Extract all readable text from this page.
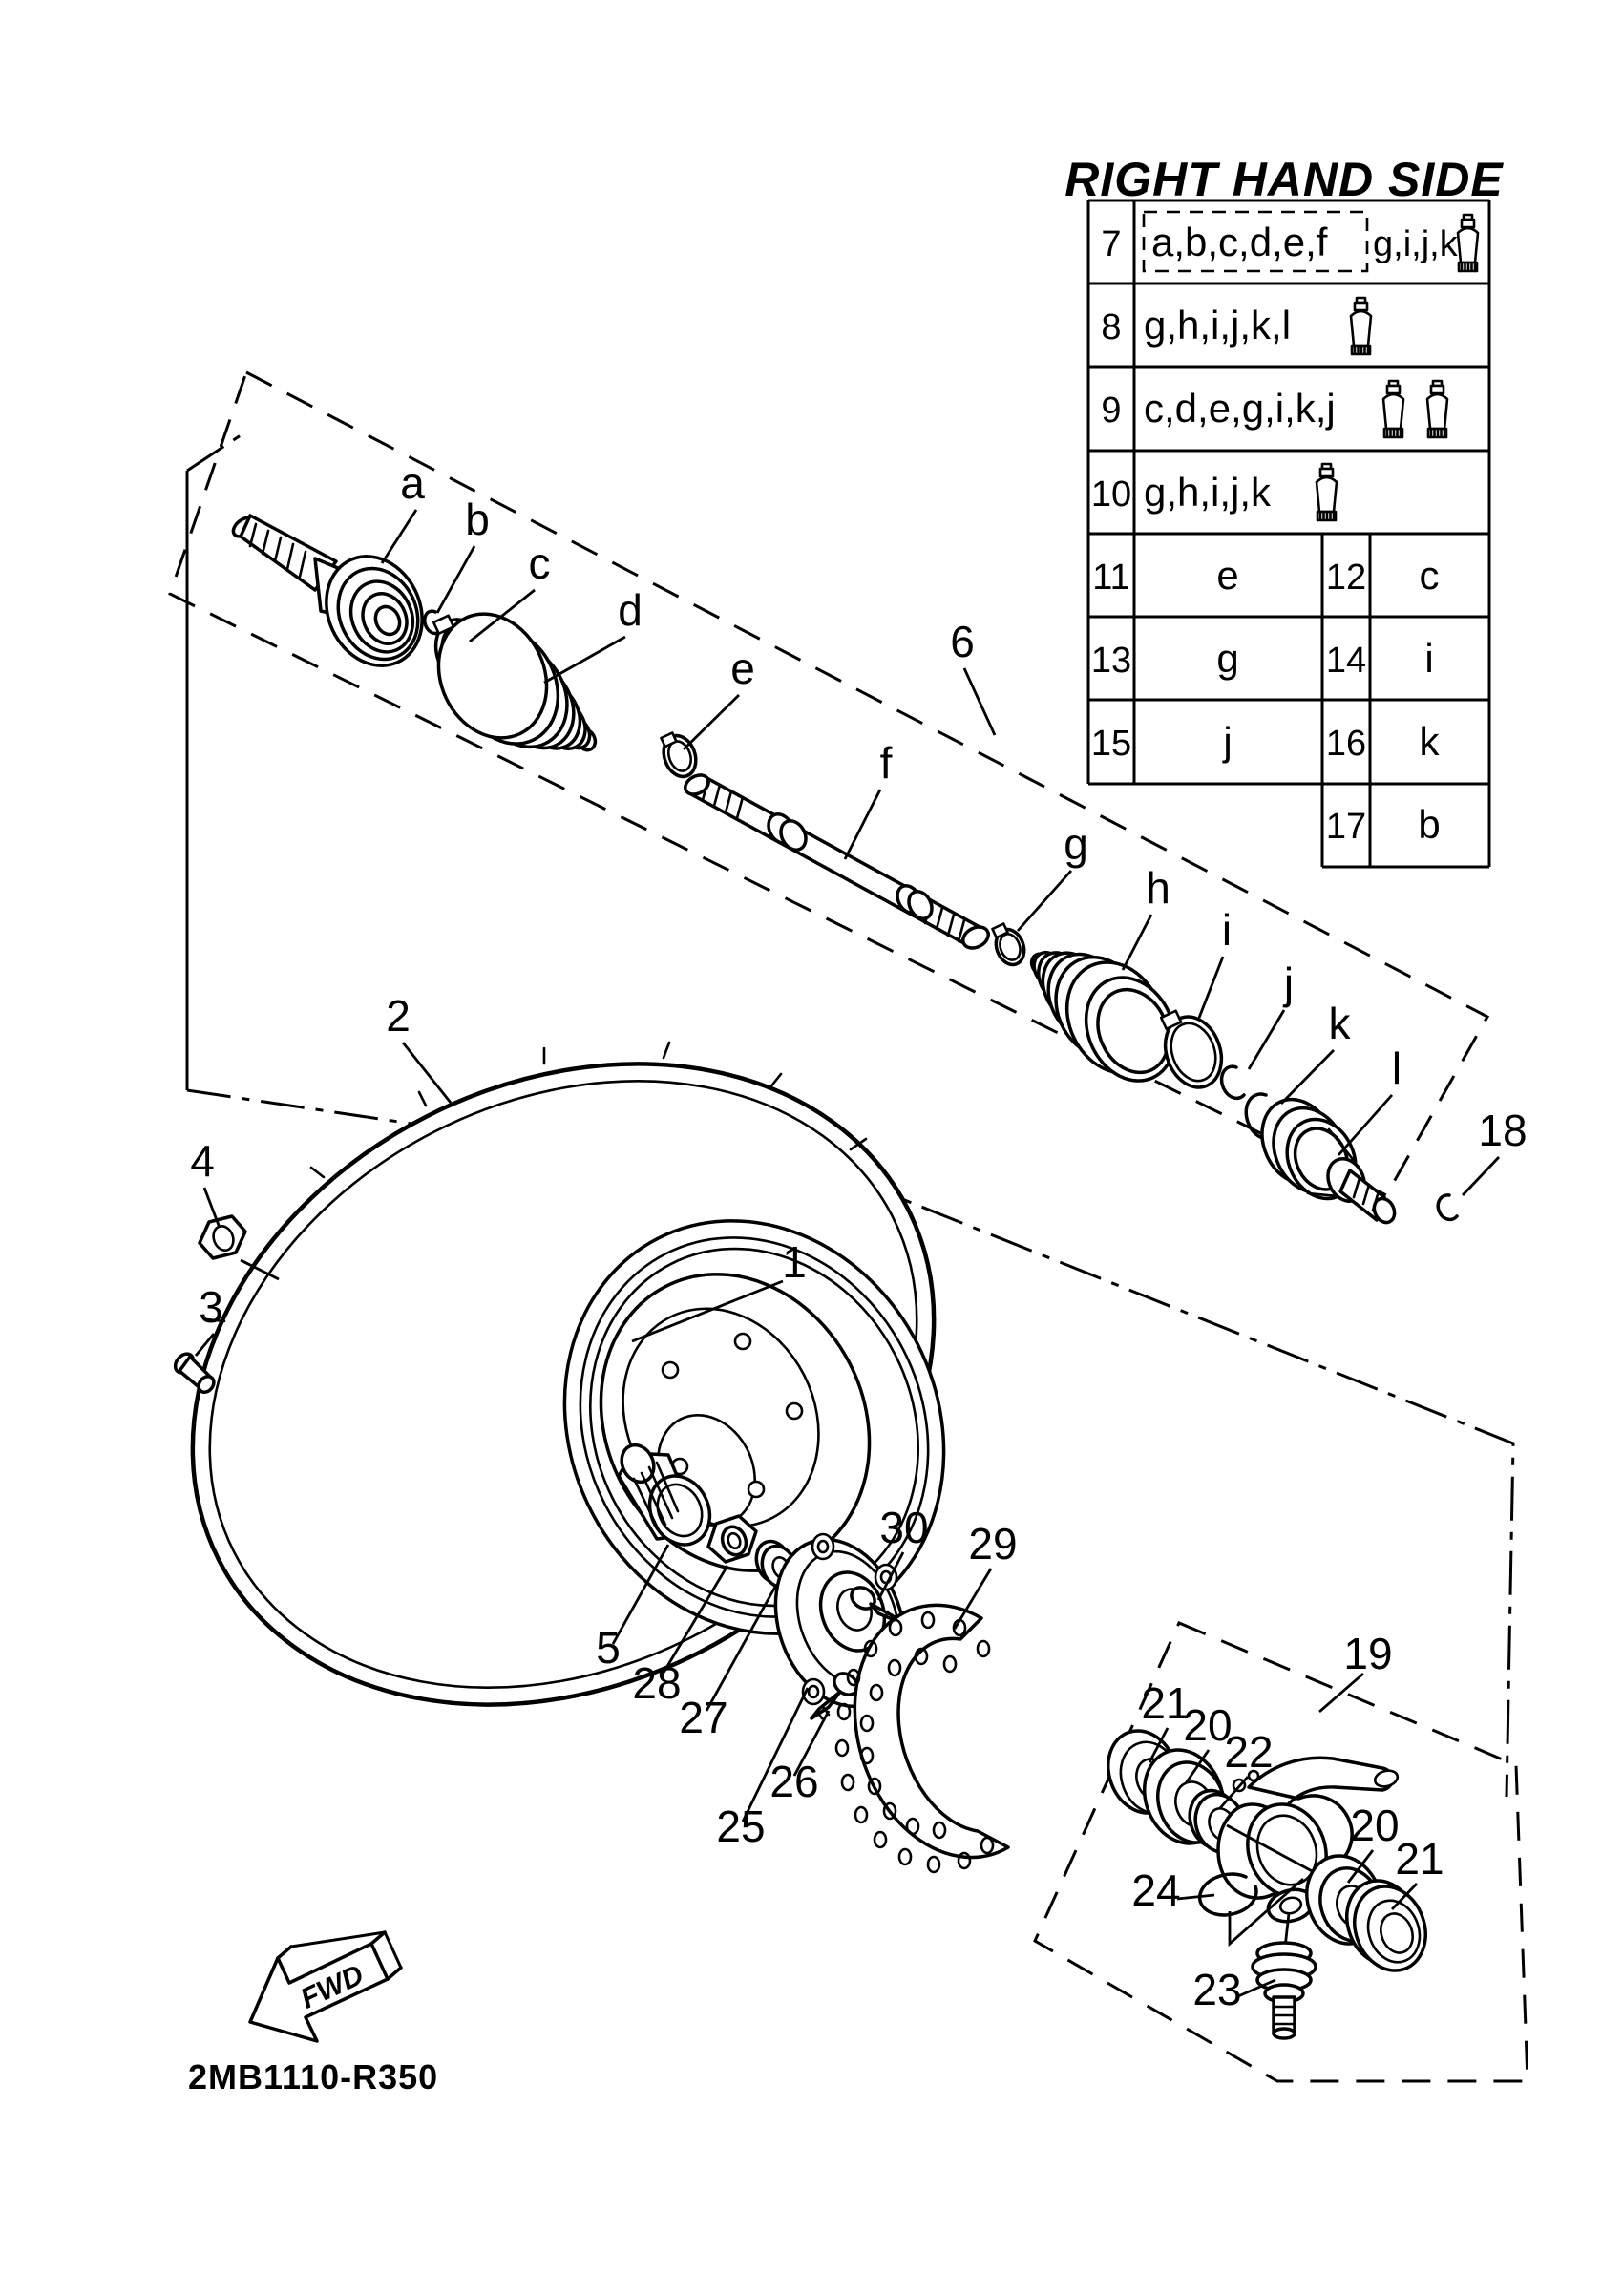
a
b
c
d
e
6
f
g
h
i
j
k
l
18
2
4
3
1
5
28
27
25
26
30 29
19
21
20
22
20
21
24
23
RIGHT HAND SIDE
7 a,b,c,d,e,f g,i,j,k
8 g,h,i,j,k,l
9 c,d,e,g,i,k,j
10 g,h,i,j,k
11 e 12 c
13 g 14 i
15 j	16 k
17 b
FWD
2MB1110-R350
